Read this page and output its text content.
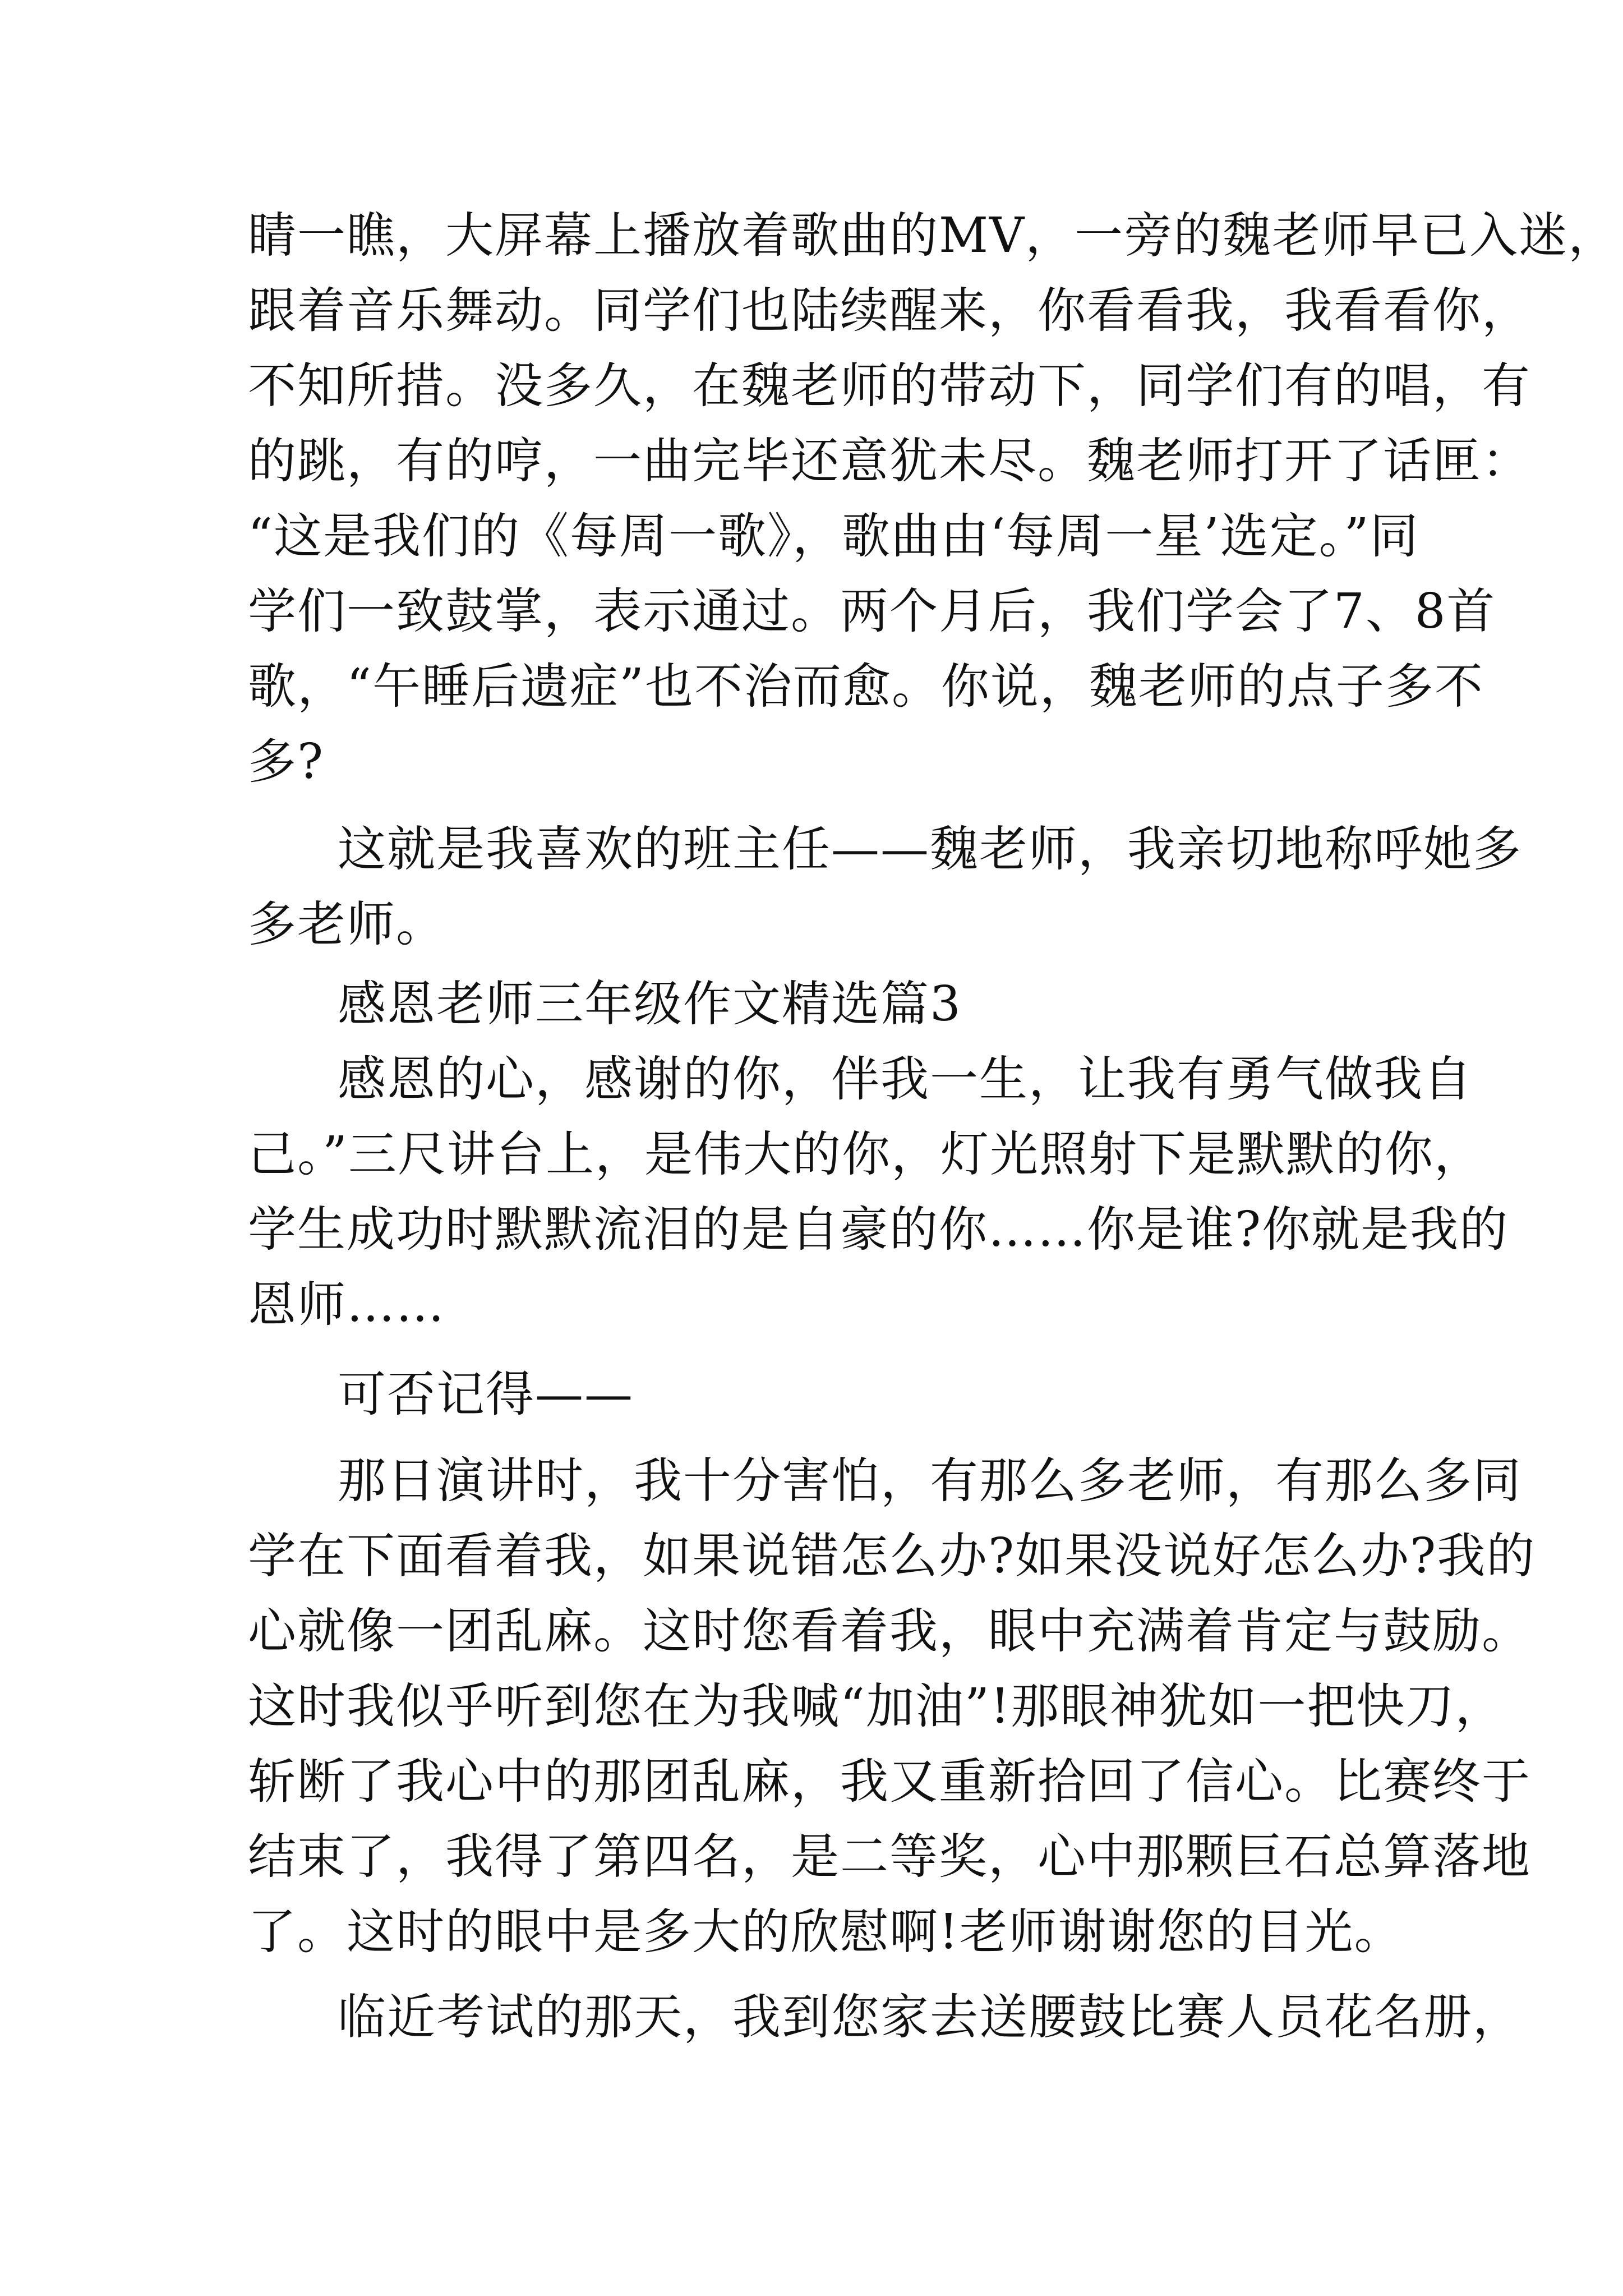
睛一瞧，大屏幕上播放着歌曲的MV，一旁的魏老师早已入迷，
跟着音乐舞动。同学们也陆续醒来，你看看我，我看看你，
不知所措。没多久，在魏老师的带动下，同学们有的唱，有
的跳，有的哼，一曲完毕还意犹未尽。魏老师打开了话匣：
“这是我们的《每周一歌》，歌曲由‘每周一星’选定。”同
学们一致鼓掌，表示通过。两个月后，我们学会了7、8首
歌，“午睡后遗症”也不治而愈。你说，魏老师的点子多不
多?
这就是我喜欢的班主任——魏老师，我亲切地称呼她多
多老师。
感恩老师三年级作文精选篇3
感恩的心，感谢的你，伴我一生，让我有勇气做我自
己。”三尺讲台上，是伟大的你，灯光照射下是默默的你，
学生成功时默默流泪的是自豪的你……你是谁?你就是我的
恩师……
可否记得——
那日演讲时，我十分害怕，有那么多老师，有那么多同
学在下面看着我，如果说错怎么办?如果没说好怎么办?我的
心就像一团乱麻。这时您看着我，眼中充满着肯定与鼓励。
这时我似乎听到您在为我喊“加油”!那眼神犹如一把快刀，
斩断了我心中的那团乱麻，我又重新拾回了信心。比赛终于
结束了，我得了第四名，是二等奖，心中那颗巨石总算落地
了。这时的眼中是多大的欣慰啊!老师谢谢您的目光。
临近考试的那天，我到您家去送腰鼓比赛人员花名册，
